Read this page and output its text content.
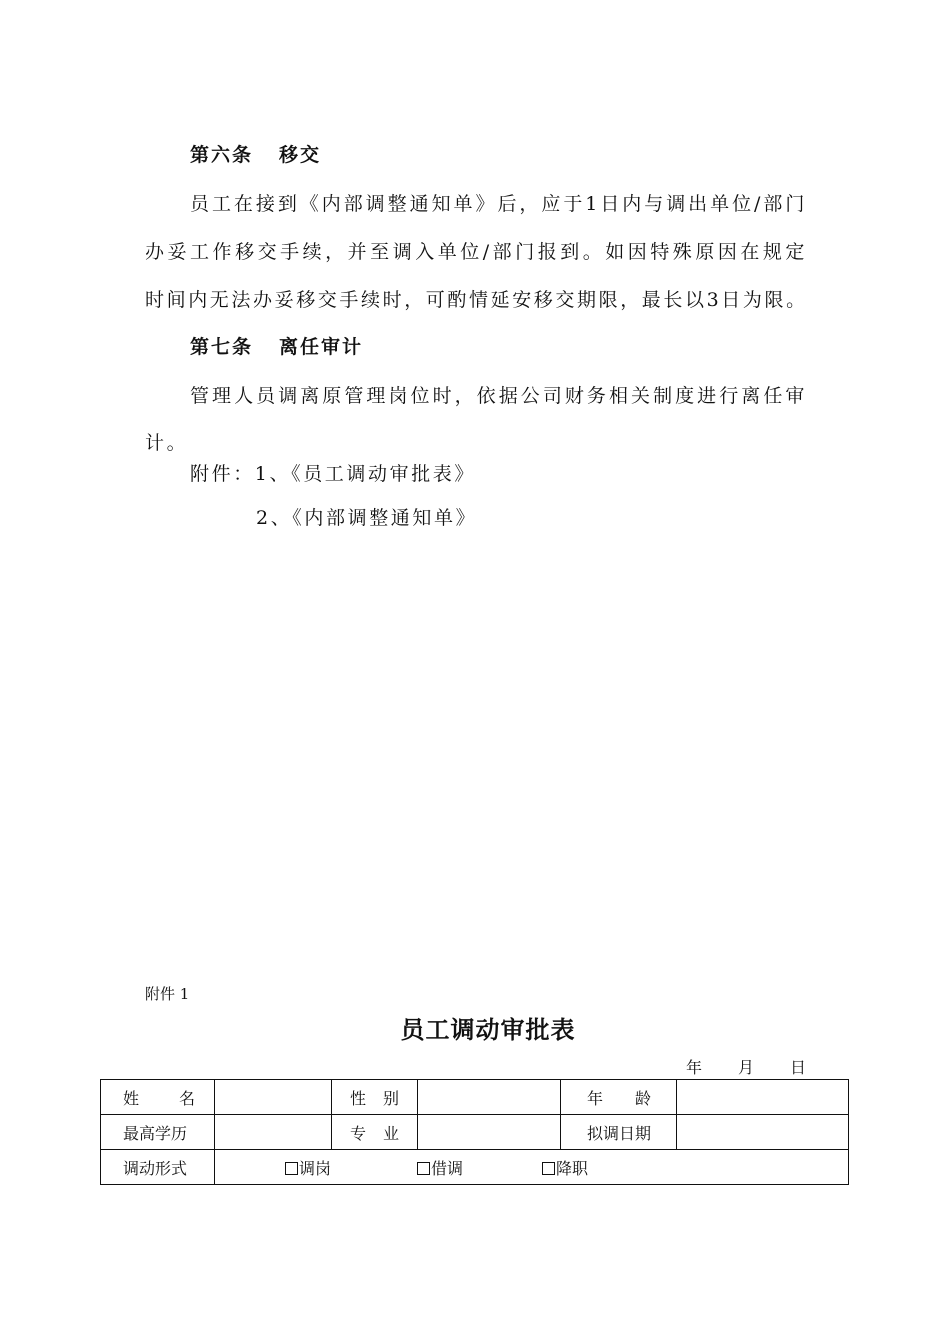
第六条 移交
员工在接到《内部调整通知单》后，应于1日内与调出单位/部门
办妥工作移交手续，并至调入单位/部门报到。如因特殊原因在规定
时间内无法办妥移交手续时，可酌情延安移交期限，最长以3日为限。
第七条 离任审计
管理人员调离原管理岗位时，依据公司财务相关制度进行离任审
计。
附件：1、《员工调动审批表》
2、《内部调整通知单》
附件 1
员工调动审批表
年 月 日
姓 名		性 别		年 龄	
最高学历		专 业		拟调日期	
调动形式	调岗 借调 降职				
